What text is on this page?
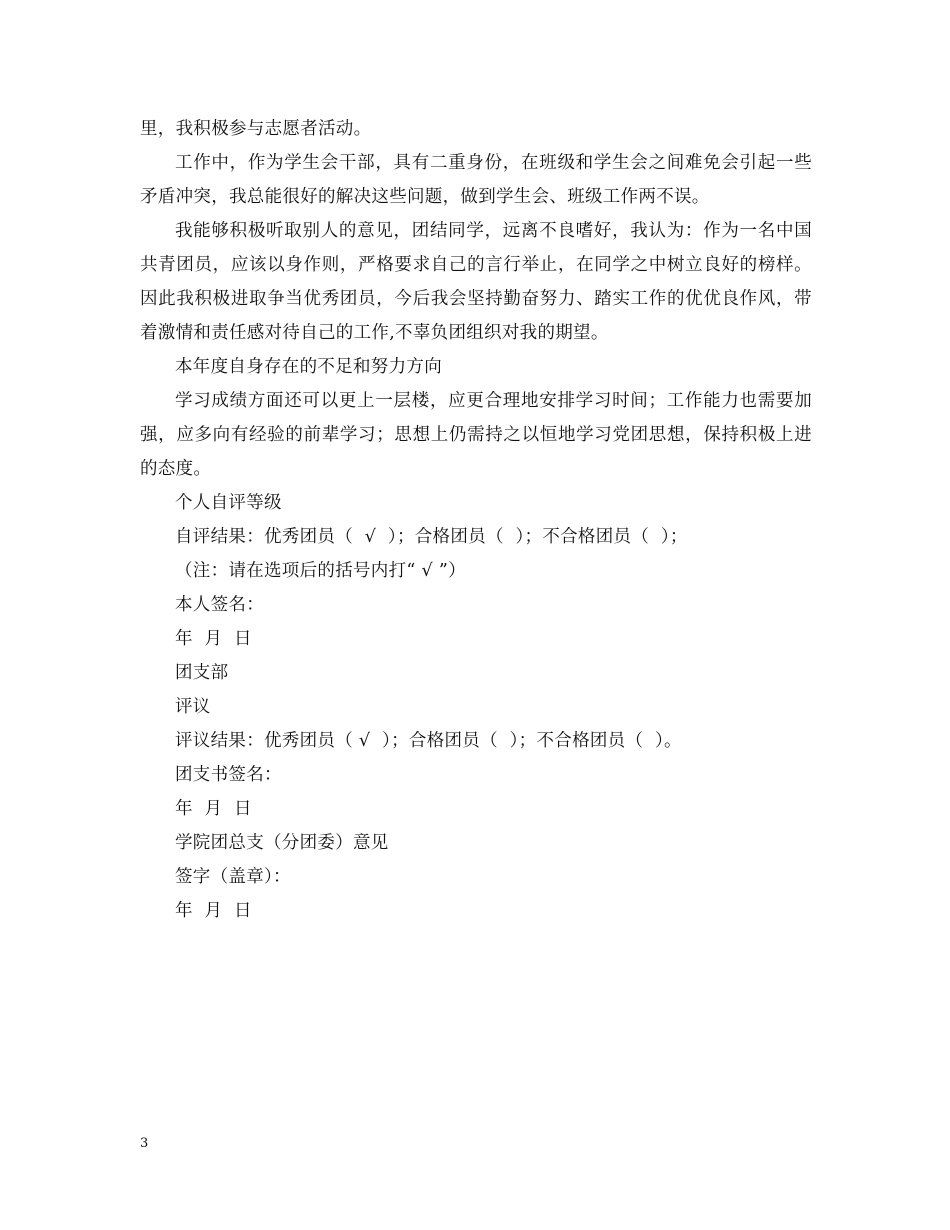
里，我积极参与志愿者活动。

工作中，作为学生会干部，具有二重身份，在班级和学生会之间难免会引起一些矛盾冲突，我总能很好的解决这些问题，做到学生会、班级工作两不误。

我能够积极听取别人的意见，团结同学，远离不良嗜好，我认为：作为一名中国共青团员，应该以身作则，严格要求自己的言行举止，在同学之中树立良好的榜样。因此我积极进取争当优秀团员，今后我会坚持勤奋努力、踏实工作的优优良作风，带着激情和责任感对待自己的工作,不辜负团组织对我的期望。

本年度自身存在的不足和努力方向

学习成绩方面还可以更上一层楼，应更合理地安排学习时间；工作能力也需要加强，应多向有经验的前辈学习；思想上仍需持之以恒地学习党团思想，保持积极上进的态度。

个人自评等级

自评结果：优秀团员（  √  ）；合格团员（  ）；不合格团员（  ）；

（注：请在选项后的括号内打“ √ ”）

本人签名：

年  月  日

团支部

评议

评议结果：优秀团员（ √  ）；合格团员（  ）；不合格团员（  ）。

团支书签名：

年  月  日

学院团总支（分团委）意见

签字（盖章）：

年  月  日

3
